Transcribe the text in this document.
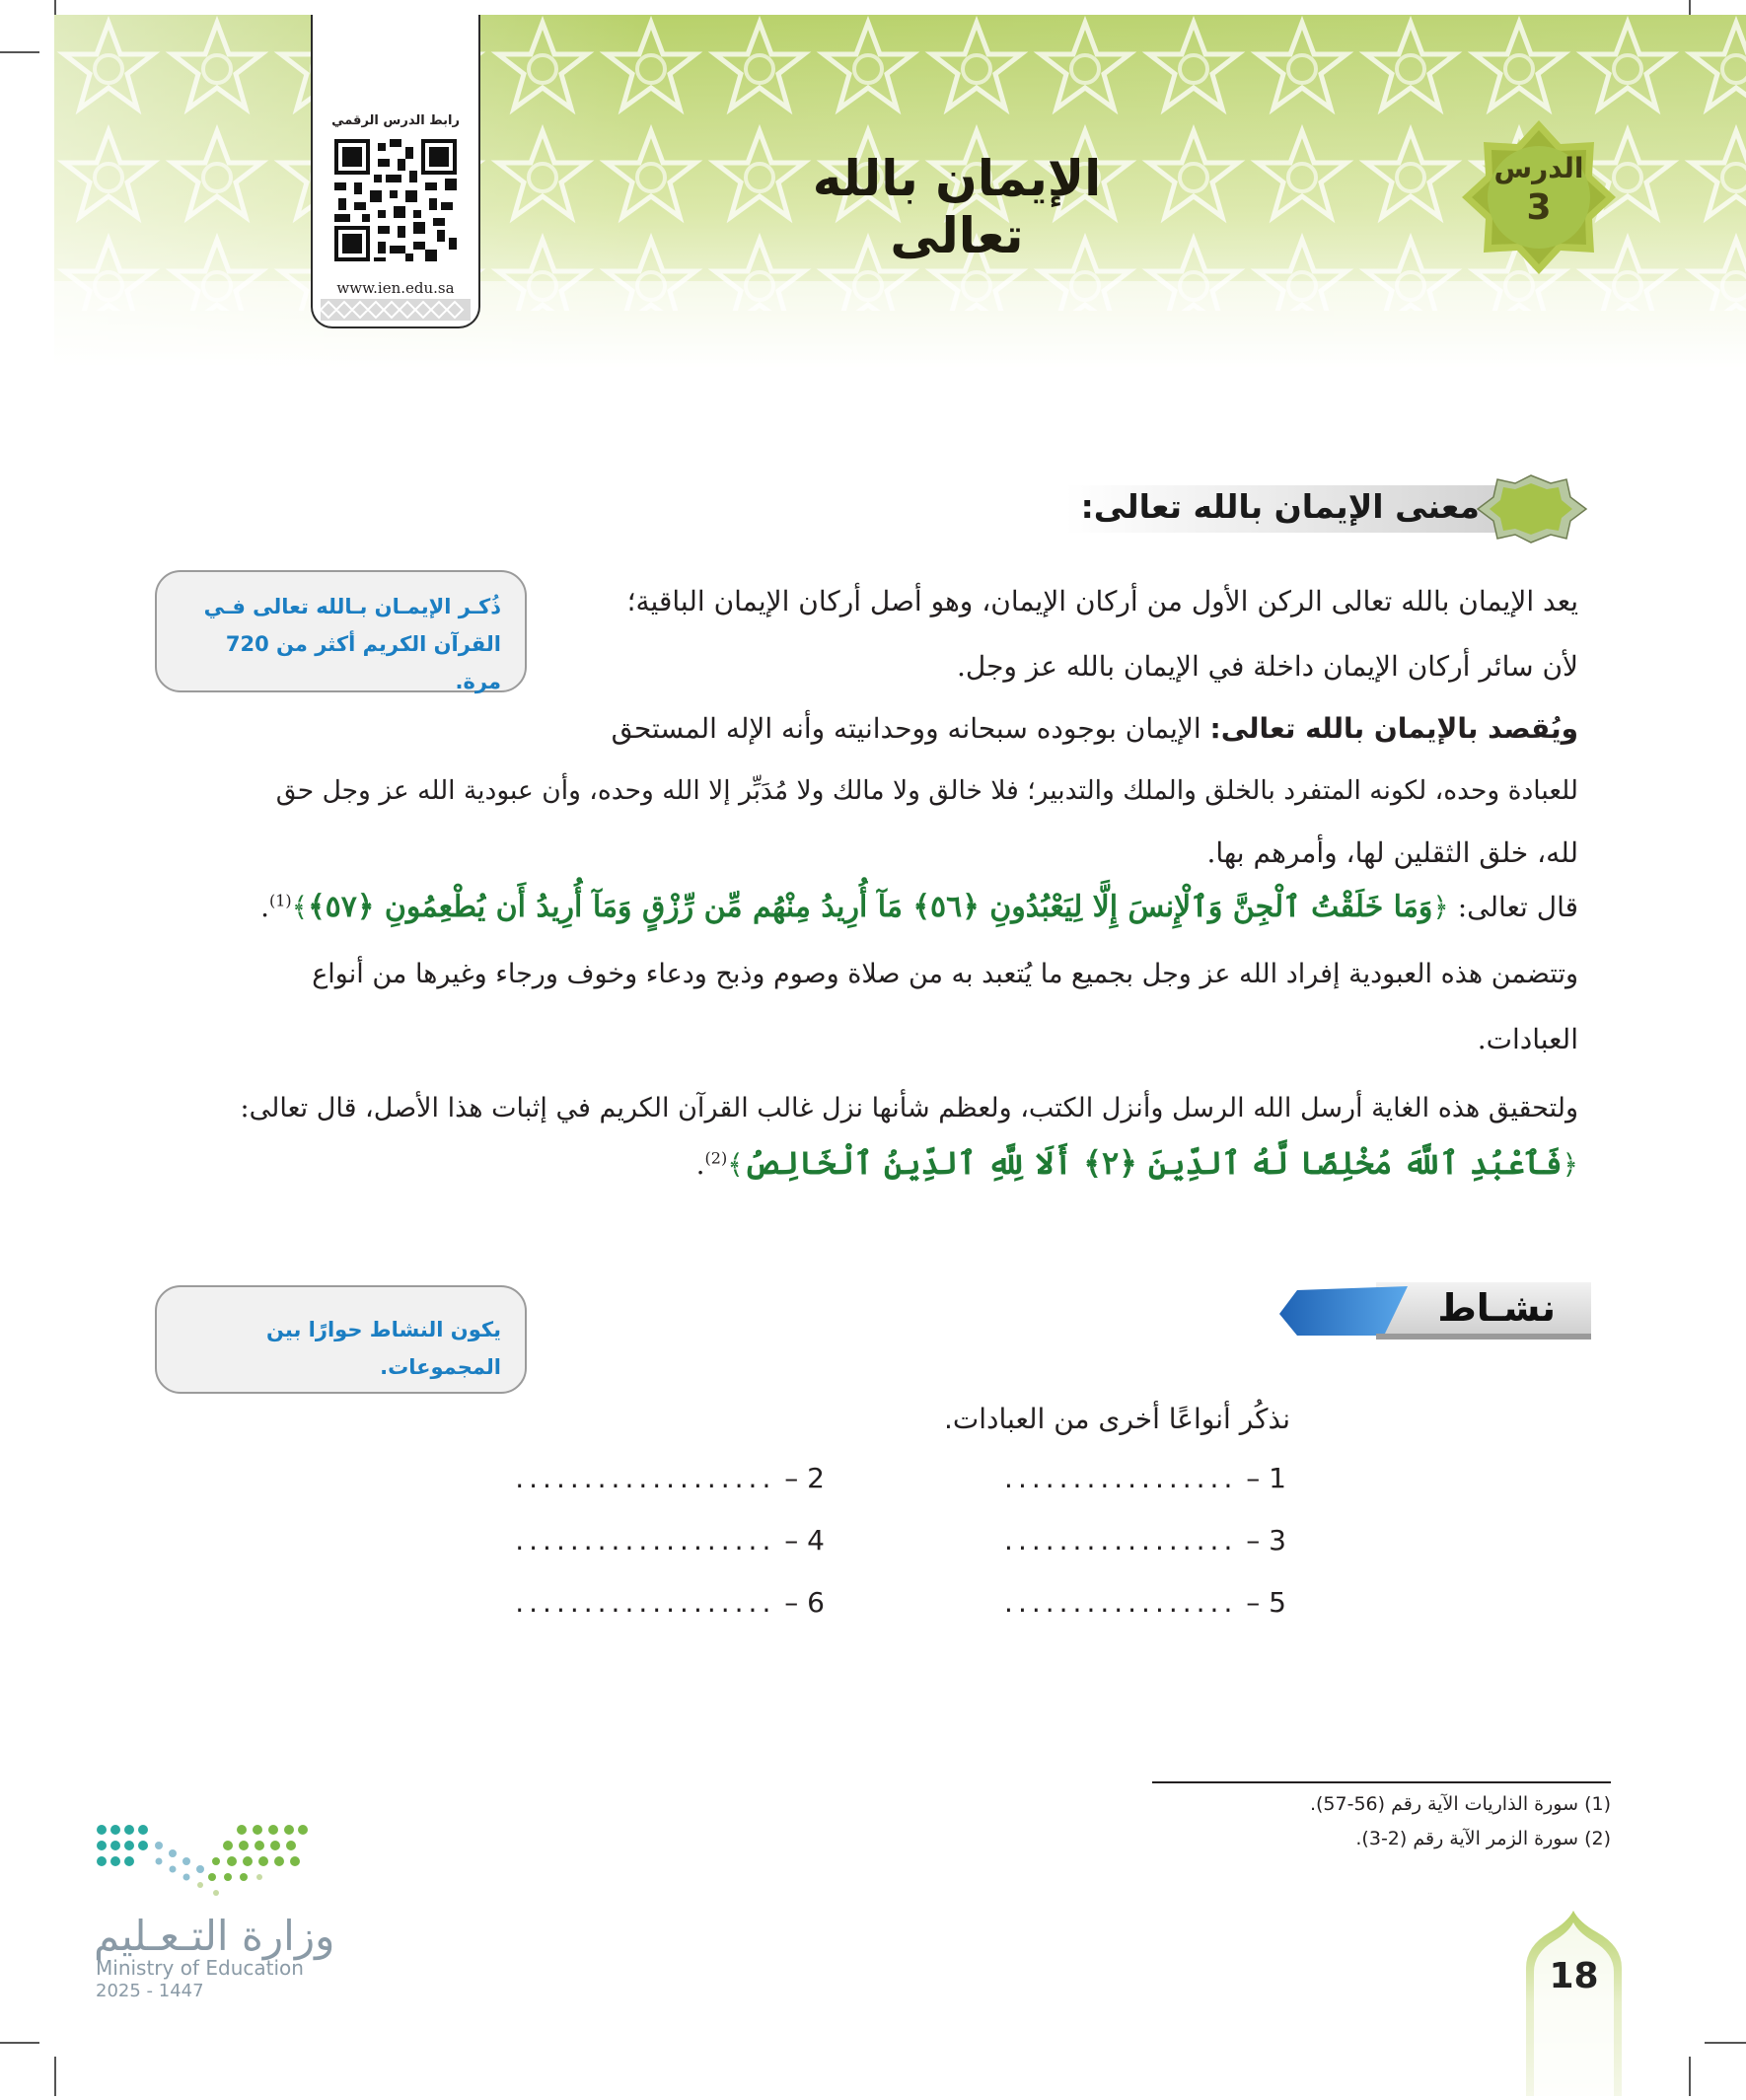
الدرس
3
الإيمان بالله تعالى
رابط الدرس الرقمي
www.ien.edu.sa
معنى الإيمان بالله تعالى:
ذُكـر الإيمـان بـالله تعالى فـي القرآن الكريم أكثر من 720 مرة.
يكون النشاط حوارًا بين المجموعات.
يعد الإيمان بالله تعالى الركن الأول من أركان الإيمان، وهو أصل أركان الإيمان الباقية؛
لأن سائر أركان الإيمان داخلة في الإيمان بالله عز وجل.
ويُقصد بالإيمان بالله تعالى: الإيمان بوجوده سبحانه ووحدانيته وأنه الإله المستحق
للعبادة وحده، لكونه المتفرد بالخلق والملك والتدبير؛ فلا خالق ولا مالك ولا مُدَبِّر إلا الله وحده، وأن عبودية الله عز وجل حق
لله، خلق الثقلين لها، وأمرهم بها.
قال تعالى: ﴿وَمَا خَلَقْتُ ٱلْجِنَّ وَٱلْإِنسَ إِلَّا لِيَعْبُدُونِ ﴿٥٦﴾ مَآ أُرِيدُ مِنْهُم مِّن رِّزْقٍ وَمَآ أُرِيدُ أَن يُطْعِمُونِ ﴿٥٧﴾﴾$^{(1)}$.
وتتضمن هذه العبودية إفراد الله عز وجل بجميع ما يُتعبد به من صلاة وصوم وذبح ودعاء وخوف ورجاء وغيرها من أنواع
العبادات.
ولتحقيق هذه الغاية أرسل الله الرسل وأنزل الكتب، ولعظم شأنها نزل غالب القرآن الكريم في إثبات هذا الأصل، قال تعالى:
﴿فَٱعْبُدِ ٱللَّهَ مُخْلِصًا لَّهُ ٱلدِّينَ ﴿٢﴾ أَلَا لِلَّهِ ٱلدِّينُ ٱلْخَالِصُ﴾$^{(2)}$.
نشـاط
نذكُر أنواعًا أخرى من العبادات.
1 – .................
2 – ...................
3 – .................
4 – ...................
5 – .................
6 – ...................
(1) سورة الذاريات الآية رقم (56-57).
(2) سورة الزمر الآية رقم (2-3).
وزارة التـعـليم
Ministry of Education
2025 - 1447	18
